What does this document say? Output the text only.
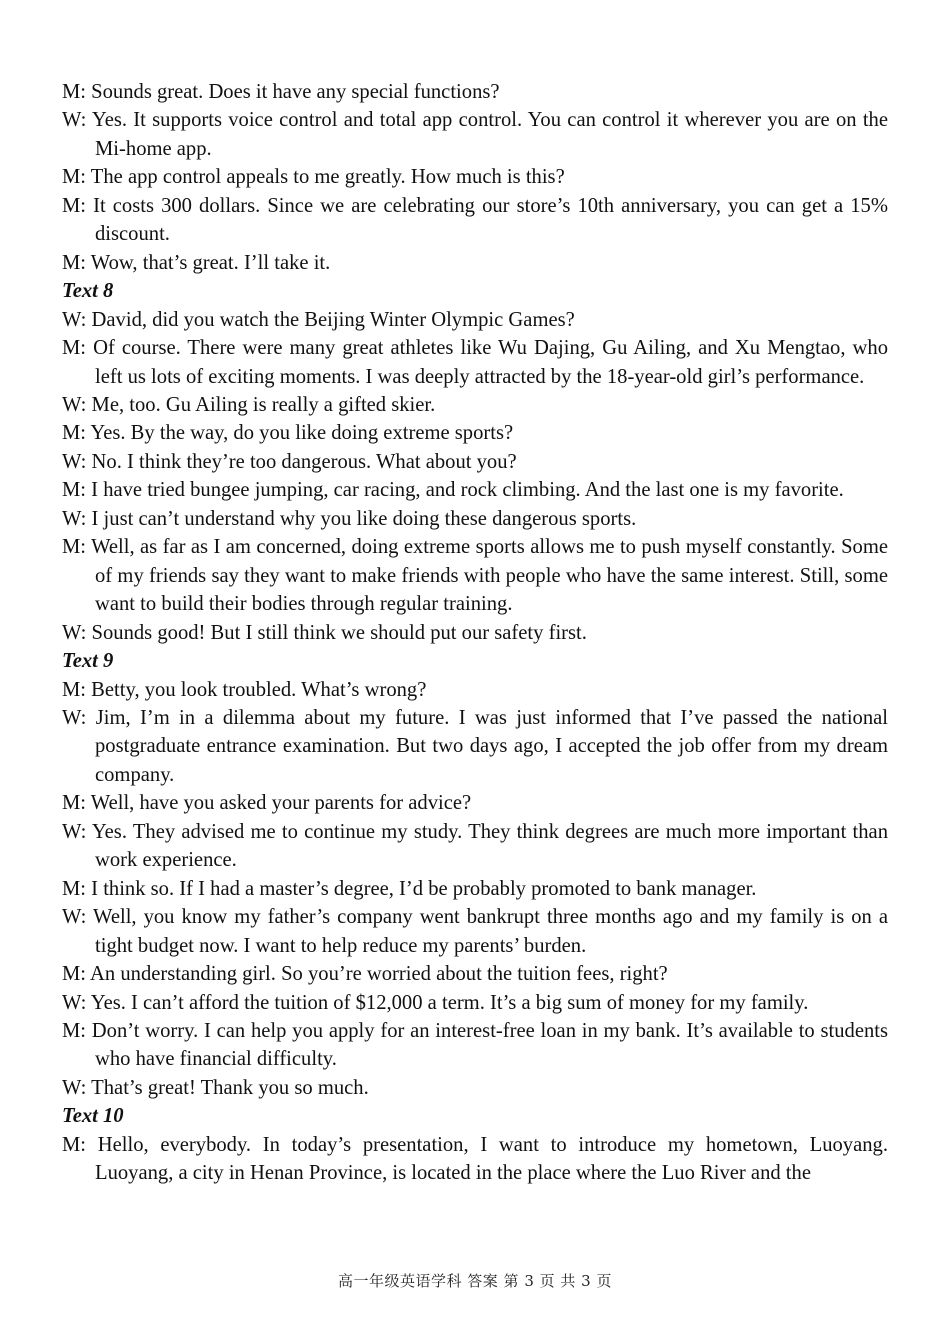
M: Sounds great. Does it have any special functions?

W: Yes. It supports voice control and total app control. You can control it wherever you are on the Mi-home app.

M: The app control appeals to me greatly. How much is this?

M: It costs 300 dollars. Since we are celebrating our store’s 10th anniversary, you can get a 15% discount.

M: Wow, that’s great. I’ll take it.

Text 8

W: David, did you watch the Beijing Winter Olympic Games?

M: Of course. There were many great athletes like Wu Dajing, Gu Ailing, and Xu Mengtao, who left us lots of exciting moments. I was deeply attracted by the 18-year-old girl’s performance.

W: Me, too. Gu Ailing is really a gifted skier.

M: Yes. By the way, do you like doing extreme sports?

W: No. I think they’re too dangerous. What about you?

M: I have tried bungee jumping, car racing, and rock climbing. And the last one is my favorite.

W: I just can’t understand why you like doing these dangerous sports.

M: Well, as far as I am concerned, doing extreme sports allows me to push myself constantly. Some of my friends say they want to make friends with people who have the same interest. Still, some want to build their bodies through regular training.

W: Sounds good! But I still think we should put our safety first.

Text 9

M: Betty, you look troubled. What’s wrong?

W: Jim, I’m in a dilemma about my future. I was just informed that I’ve passed the national postgraduate entrance examination. But two days ago, I accepted the job offer from my dream company.

M: Well, have you asked your parents for advice?

W: Yes. They advised me to continue my study. They think degrees are much more important than work experience.

M: I think so. If I had a master’s degree, I’d be probably promoted to bank manager.

W: Well, you know my father’s company went bankrupt three months ago and my family is on a tight budget now. I want to help reduce my parents’ burden.

M: An understanding girl. So you’re worried about the tuition fees, right?

W: Yes. I can’t afford the tuition of $12,000 a term. It’s a big sum of money for my family.

M: Don’t worry. I can help you apply for an interest-free loan in my bank. It’s available to students who have financial difficulty.

W: That’s great! Thank you so much.

Text 10

M: Hello, everybody. In today’s presentation, I want to introduce my hometown, Luoyang. Luoyang, a city in Henan Province, is located in the place where the Luo River and the

高一年级英语学科 答案 第 3 页 共 3 页
